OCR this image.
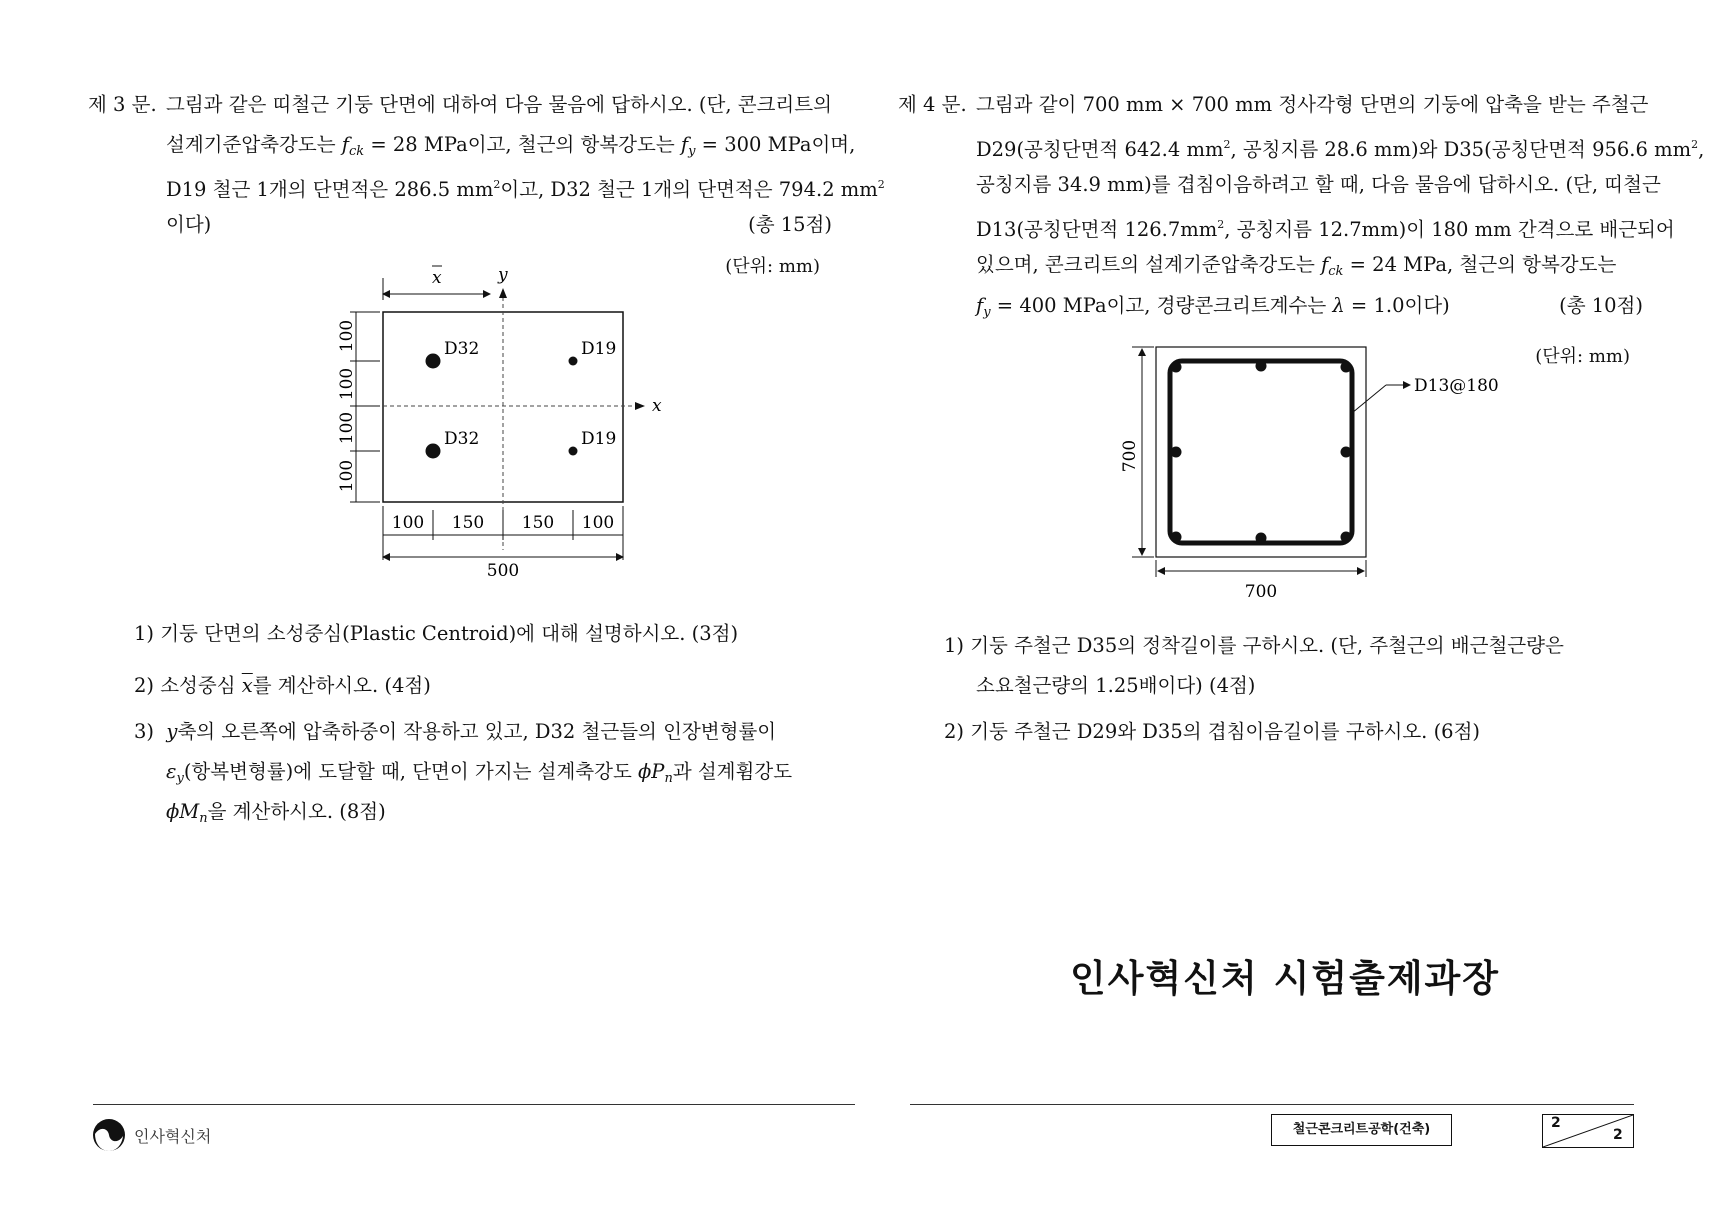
제 3 문. 그림과 같은 띠철근 기둥 단면에 대하여 다음 물음에 답하시오. (단, 콘크리트의
설계기준압축강도는 $f_{ck} = 28$ MPa이고, 철근의 항복강도는 $f_y = 300$ MPa이며,
D19 철근 1개의 단면적은 286.5 $mm^2$이고, D32 철근 1개의 단면적은 794.2 $mm^2$
이다)	(총 15점)
(단위: mm)
x
y
x
D32
D32
D19
D19
100
100
100
100
100 150 150 100
500
1) 기둥 단면의 소성중심(Plastic Centroid)에 대해 설명하시오. (3점)
2) 소성중심 $\overline{x}$를 계산하시오. (4점)
3) y축의 오른쪽에 압축하중이 작용하고 있고, D32 철근들의 인장변형률이
$\varepsilon_y$(항복변형률)에 도달할 때, 단면이 가지는 설계축강도 $\phi P_n$과 설계휨강도
$\phi M_n$을 계산하시오. (8점)
제 4 문. 그림과 같이 700 mm × 700 mm 정사각형 단면의 기둥에 압축을 받는 주철근
D29(공칭단면적 642.4 $mm^2$, 공칭지름 28.6 mm)와 D35(공칭단면적 956.6 $mm^2$,
공칭지름 34.9 mm)를 겹침이음하려고 할 때, 다음 물음에 답하시오. (단, 띠철근
D13(공칭단면적 $126.7mm^2$, 공칭지름 12.7mm)이 180 mm 간격으로 배근되어
있으며, 콘크리트의 설계기준압축강도는 $f_{ck} = 24$ MPa, 철근의 항복강도는
$f_y = 400$ MPa이고, 경량콘크리트계수는 λ = 1.0이다)	(총 10점)
(단위: mm)
D13@180
700
700
1) 기둥 주철근 D35의 정착길이를 구하시오. (단, 주철근의 배근철근량은
소요철근량의 1.25배이다) (4점)
2) 기둥 주철근 D29와 D35의 겹침이음길이를 구하시오. (6점)
인사혁신처 시험출제과장
인사혁신처	철근콘크리트공학(건축)	2
2
